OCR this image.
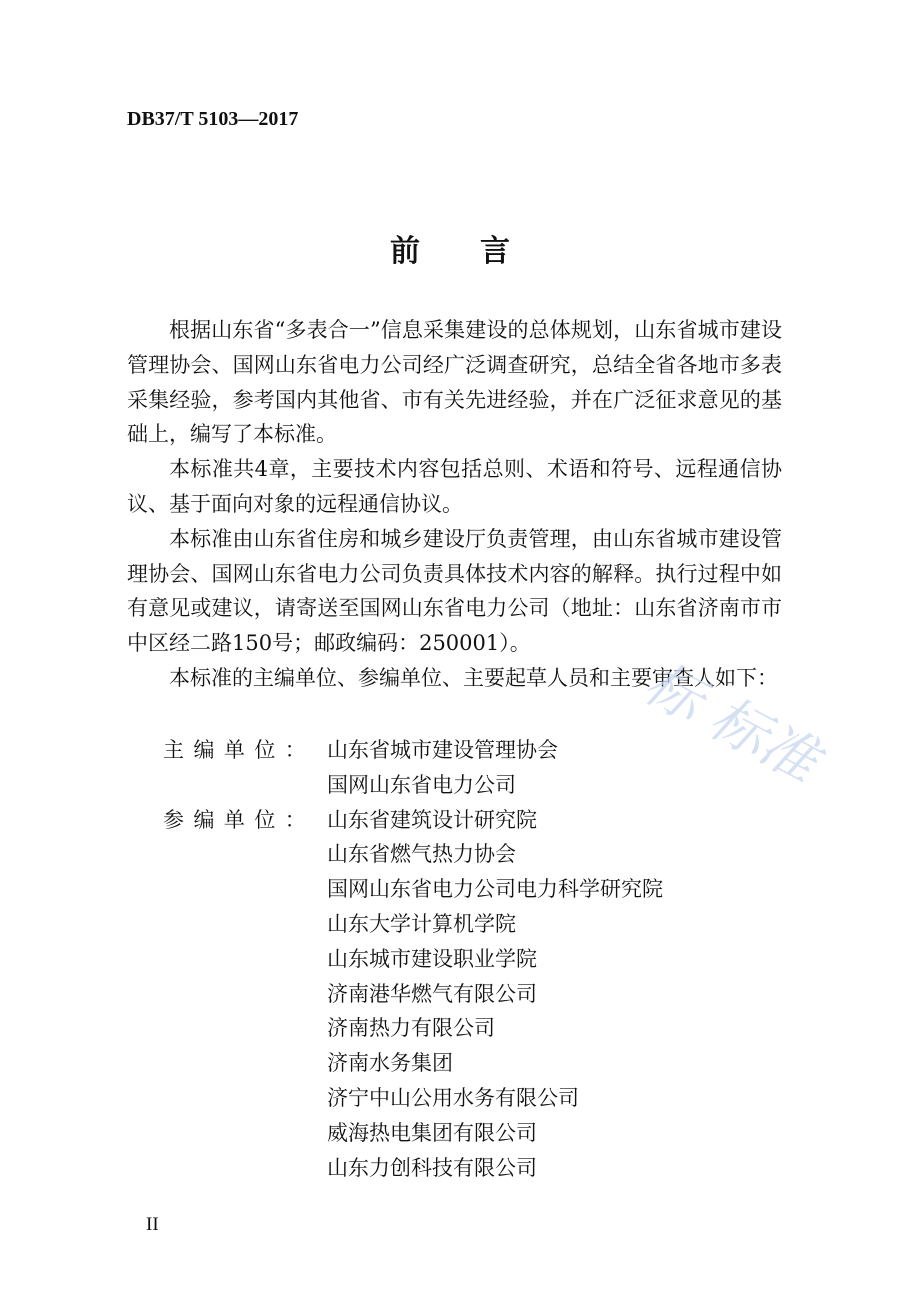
DB37/T 5103—2017
前言

根据山东省“多表合一”信息采集建设的总体规划，山东省城市建设管理协会、国网山东省电力公司经广泛调查研究，总结全省各地市多表采集经验，参考国内其他省、市有关先进经验，并在广泛征求意见的基础上，编写了本标准。

本标准共4章，主要技术内容包括总则、术语和符号、远程通信协议、基于面向对象的远程通信协议。

本标准由山东省住房和城乡建设厅负责管理，由山东省城市建设管理协会、国网山东省电力公司负责具体技术内容的解释。执行过程中如有意见或建议，请寄送至国网山东省电力公司（地址：山东省济南市市中区经二路150号；邮政编码：250001）。

本标准的主编单位、参编单位、主要起草人员和主要审查人如下：

主编单位： 山东省城市建设管理协会
国网山东省电力公司
参编单位： 山东省建筑设计研究院
山东省燃气热力协会
国网山东省电力公司电力科学研究院
山东大学计算机学院
山东城市建设职业学院
济南港华燃气有限公司
济南热力有限公司
济南水务集团
济宁中山公用水务有限公司
威海热电集团有限公司
山东力创科技有限公司
标 标准
II
